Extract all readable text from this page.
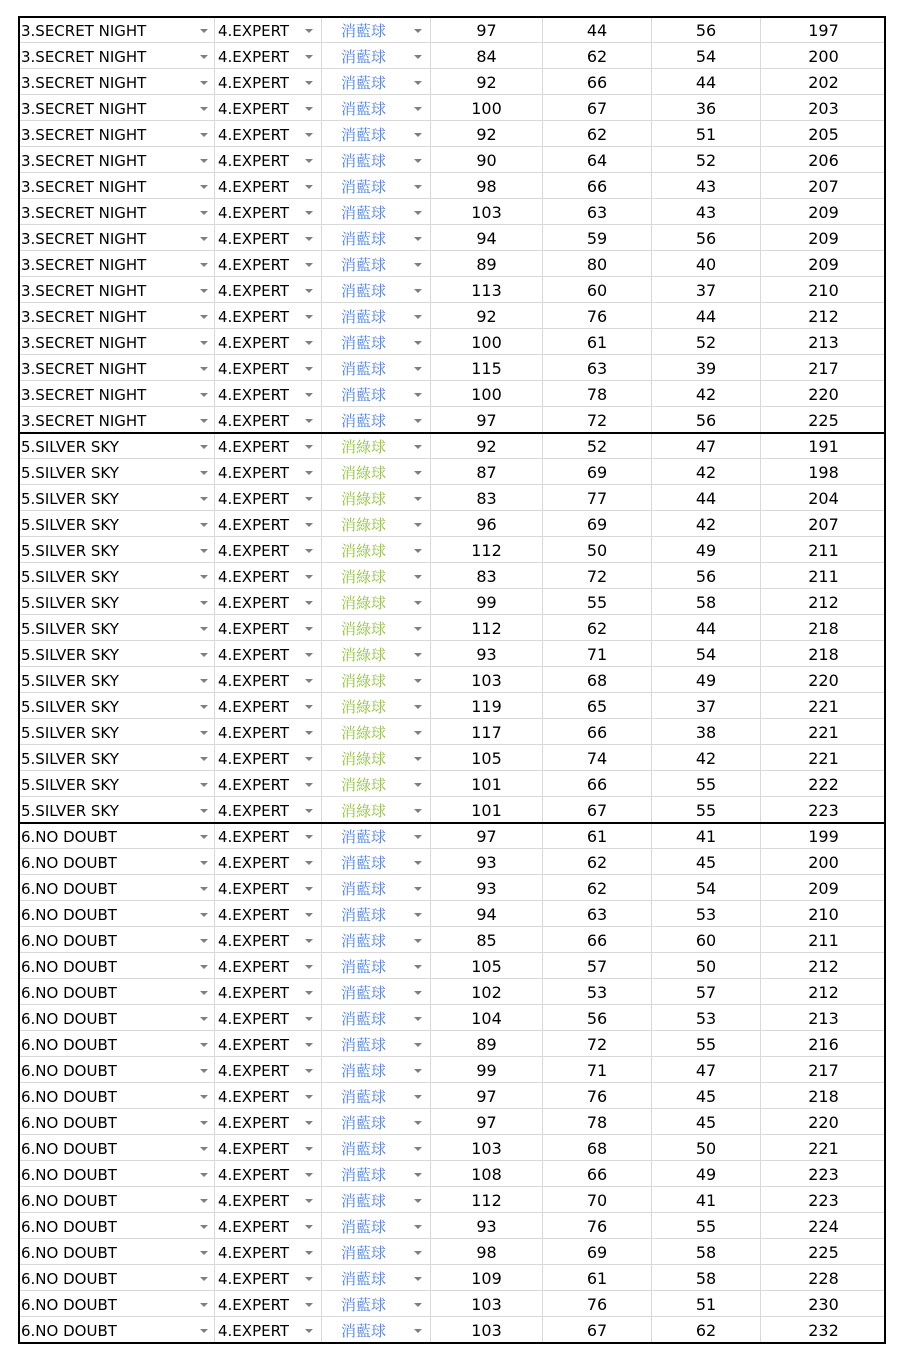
3.SECRET NIGHT	4.EXPERT	消藍球	97	44	56	197
3.SECRET NIGHT	4.EXPERT	消藍球	84	62	54	200
3.SECRET NIGHT	4.EXPERT	消藍球	92	66	44	202
3.SECRET NIGHT	4.EXPERT	消藍球	100	67	36	203
3.SECRET NIGHT	4.EXPERT	消藍球	92	62	51	205
3.SECRET NIGHT	4.EXPERT	消藍球	90	64	52	206
3.SECRET NIGHT	4.EXPERT	消藍球	98	66	43	207
3.SECRET NIGHT	4.EXPERT	消藍球	103	63	43	209
3.SECRET NIGHT	4.EXPERT	消藍球	94	59	56	209
3.SECRET NIGHT	4.EXPERT	消藍球	89	80	40	209
3.SECRET NIGHT	4.EXPERT	消藍球	113	60	37	210
3.SECRET NIGHT	4.EXPERT	消藍球	92	76	44	212
3.SECRET NIGHT	4.EXPERT	消藍球	100	61	52	213
3.SECRET NIGHT	4.EXPERT	消藍球	115	63	39	217
3.SECRET NIGHT	4.EXPERT	消藍球	100	78	42	220
3.SECRET NIGHT	4.EXPERT	消藍球	97	72	56	225
5.SILVER SKY	4.EXPERT	消綠球	92	52	47	191
5.SILVER SKY	4.EXPERT	消綠球	87	69	42	198
5.SILVER SKY	4.EXPERT	消綠球	83	77	44	204
5.SILVER SKY	4.EXPERT	消綠球	96	69	42	207
5.SILVER SKY	4.EXPERT	消綠球	112	50	49	211
5.SILVER SKY	4.EXPERT	消綠球	83	72	56	211
5.SILVER SKY	4.EXPERT	消綠球	99	55	58	212
5.SILVER SKY	4.EXPERT	消綠球	112	62	44	218
5.SILVER SKY	4.EXPERT	消綠球	93	71	54	218
5.SILVER SKY	4.EXPERT	消綠球	103	68	49	220
5.SILVER SKY	4.EXPERT	消綠球	119	65	37	221
5.SILVER SKY	4.EXPERT	消綠球	117	66	38	221
5.SILVER SKY	4.EXPERT	消綠球	105	74	42	221
5.SILVER SKY	4.EXPERT	消綠球	101	66	55	222
5.SILVER SKY	4.EXPERT	消綠球	101	67	55	223
6.NO DOUBT	4.EXPERT	消藍球	97	61	41	199
6.NO DOUBT	4.EXPERT	消藍球	93	62	45	200
6.NO DOUBT	4.EXPERT	消藍球	93	62	54	209
6.NO DOUBT	4.EXPERT	消藍球	94	63	53	210
6.NO DOUBT	4.EXPERT	消藍球	85	66	60	211
6.NO DOUBT	4.EXPERT	消藍球	105	57	50	212
6.NO DOUBT	4.EXPERT	消藍球	102	53	57	212
6.NO DOUBT	4.EXPERT	消藍球	104	56	53	213
6.NO DOUBT	4.EXPERT	消藍球	89	72	55	216
6.NO DOUBT	4.EXPERT	消藍球	99	71	47	217
6.NO DOUBT	4.EXPERT	消藍球	97	76	45	218
6.NO DOUBT	4.EXPERT	消藍球	97	78	45	220
6.NO DOUBT	4.EXPERT	消藍球	103	68	50	221
6.NO DOUBT	4.EXPERT	消藍球	108	66	49	223
6.NO DOUBT	4.EXPERT	消藍球	112	70	41	223
6.NO DOUBT	4.EXPERT	消藍球	93	76	55	224
6.NO DOUBT	4.EXPERT	消藍球	98	69	58	225
6.NO DOUBT	4.EXPERT	消藍球	109	61	58	228
6.NO DOUBT	4.EXPERT	消藍球	103	76	51	230
6.NO DOUBT	4.EXPERT	消藍球	103	67	62	232
